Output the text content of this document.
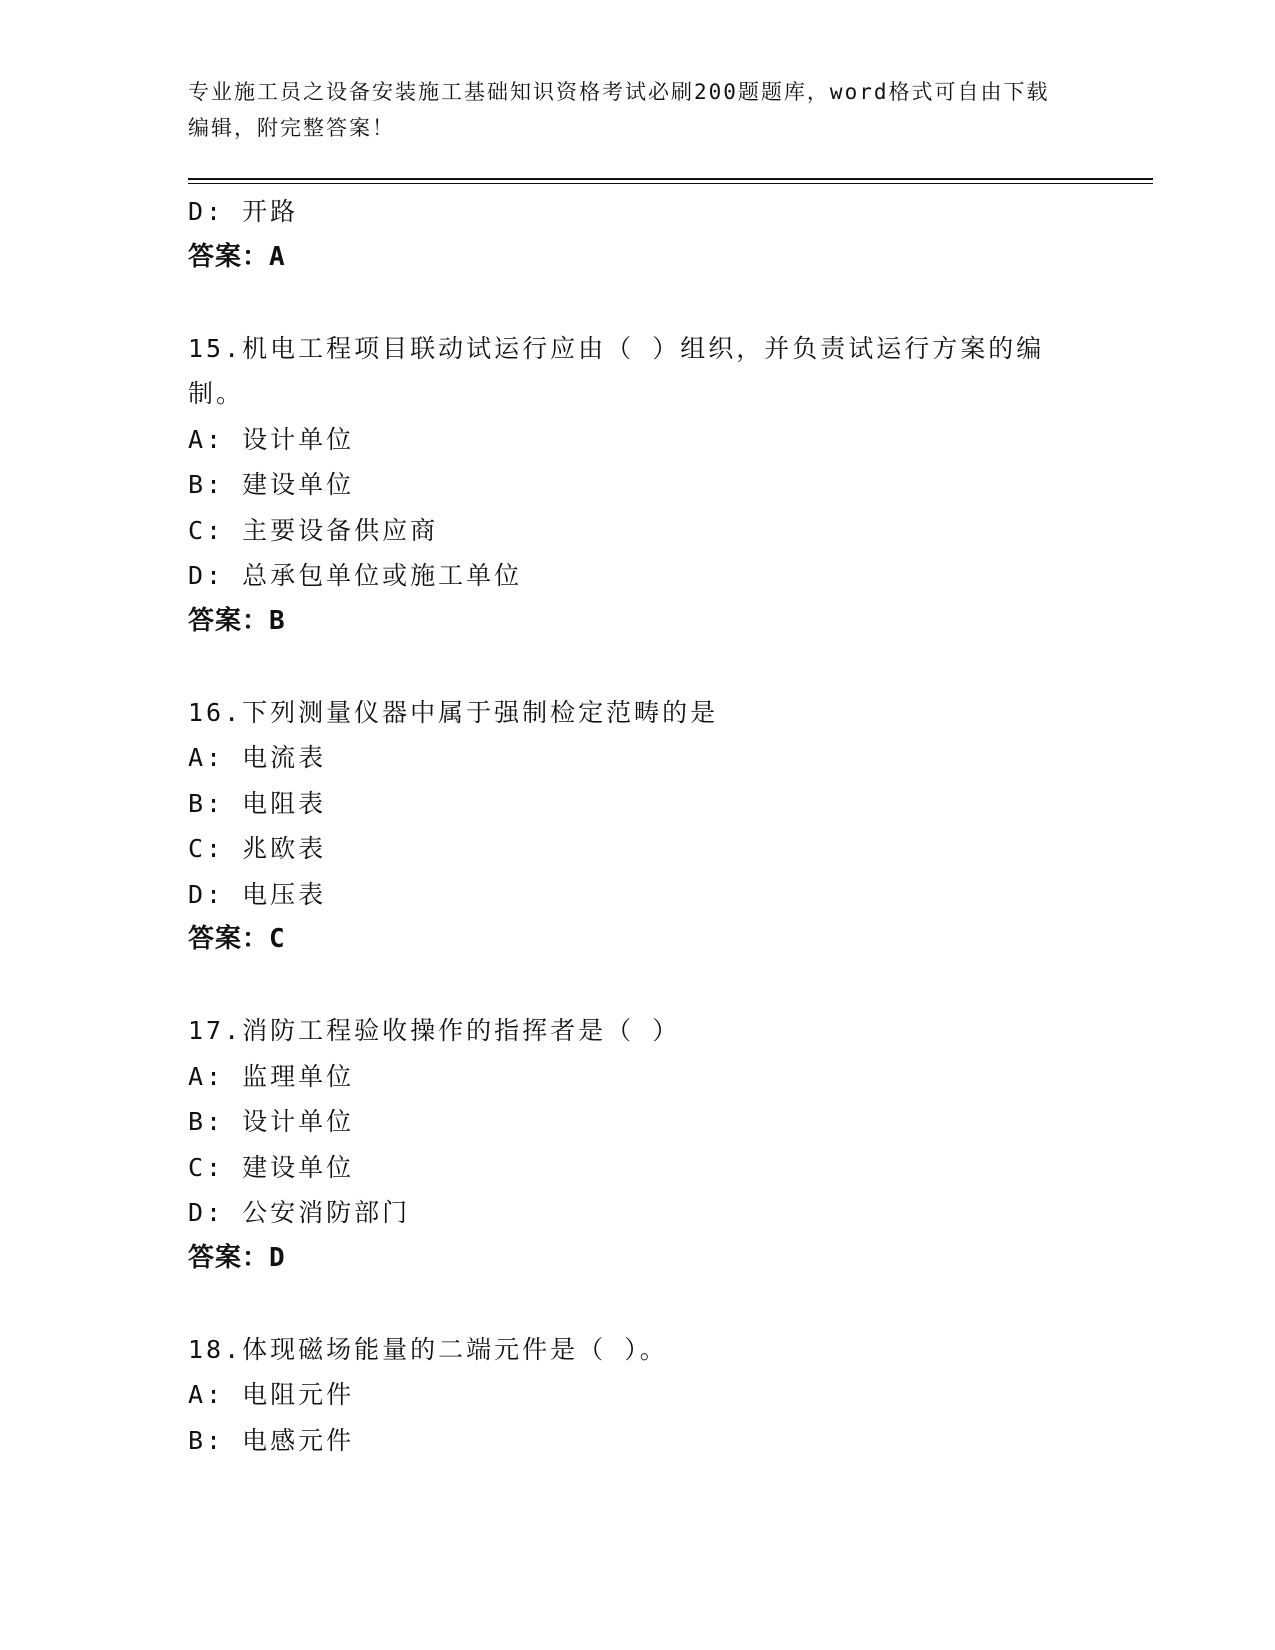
专业施工员之设备安装施工基础知识资格考试必刷200题题库，word格式可自由下载编辑，附完整答案！
D: 开路
答案：A
15.机电工程项目联动试运行应由（ ）组织，并负责试运行方案的编制。
A: 设计单位
B: 建设单位
C: 主要设备供应商
D: 总承包单位或施工单位
答案：B
16.下列测量仪器中属于强制检定范畴的是
A: 电流表
B: 电阻表
C: 兆欧表
D: 电压表
答案：C
17.消防工程验收操作的指挥者是（ ）
A: 监理单位
B: 设计单位
C: 建设单位
D: 公安消防部门
答案：D
18.体现磁场能量的二端元件是（ ）。
A: 电阻元件
B: 电感元件
